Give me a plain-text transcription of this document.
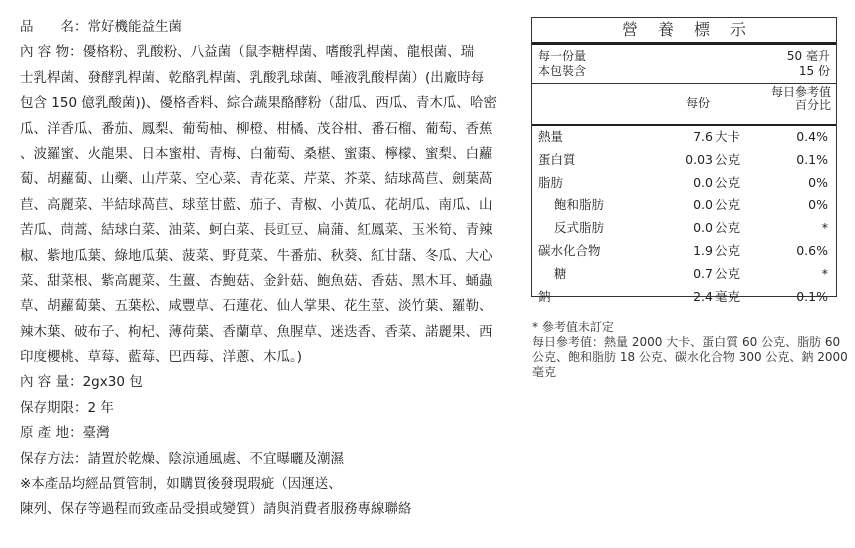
品　　名：常好機能益生菌
內 容 物：優格粉、乳酸粉、八益菌（鼠李糖桿菌、嗜酸乳桿菌、龍根菌、瑞
士乳桿菌、發酵乳桿菌、乾酪乳桿菌、乳酸乳球菌、唾液乳酸桿菌）(出廠時每
包含 150 億乳酸菌))、優格香料、綜合蔬果酪酵粉（甜瓜、西瓜、青木瓜、哈密
瓜、洋香瓜、番茄、鳳梨、葡萄柚、柳橙、柑橘、茂谷柑、番石榴、葡萄、香蕉
、波羅蜜、火龍果、日本蜜柑、青梅、白葡萄、桑椹、蜜棗、檸檬、蜜梨、白蘿
蔔、胡蘿蔔、山藥、山芹菜、空心菜、青花菜、芹菜、芥菜、結球萵苣、劍葉萵
苣、高麗菜、半結球萵苣、球莖甘藍、茄子、青椒、小黃瓜、花胡瓜、南瓜、山
苦瓜、茼蒿、結球白菜、油菜、蚵白菜、長豇豆、扁蒲、紅鳳菜、玉米筍、青辣
椒、紫地瓜葉、綠地瓜葉、菠菜、野莧菜、牛番茄、秋葵、紅甘藷、冬瓜、大心
菜、甜菜根、紫高麗菜、生薑、杏鮑菇、金針菇、鮑魚菇、香菇、黑木耳、蛹蟲
草、胡蘿蔔葉、五葉松、咸豐草、石蓮花、仙人掌果、花生莖、淡竹葉、羅勒、
辣木葉、破布子、枸杞、薄荷葉、香蘭草、魚腥草、迷迭香、香菜、諾麗果、西
印度櫻桃、草莓、藍莓、巴西莓、洋蔥、木瓜。)
內 容 量：2gx30 包
保存期限：2 年
原 產 地：臺灣
保存方法：請置於乾燥、陰涼通風處、不宜曝曬及潮濕
※本產品均經品質管制，如購買後發現瑕疵（因運送、
陳列、保存等過程而致產品受損或變質）請與消費者服務專線聯絡
營養標示
每一份量	50 毫升
本包裝含	15 份
每份
每日參考值
百分比
熱量	7.6 大卡	0.4%
蛋白質	0.03 公克	0.1%
脂肪	0.0 公克	0%
飽和脂肪	0.0 公克	0%
反式脂肪	0.0 公克	*
碳水化合物	1.9 公克	0.6%
糖	0.7 公克	*
鈉	2.4 毫克	0.1%
* 參考值未訂定
每日參考值：熱量 2000 大卡、蛋白質 60 公克、脂肪 60 公克、飽和脂肪 18 公克、碳水化合物 300 公克、鈉 2000 毫克
